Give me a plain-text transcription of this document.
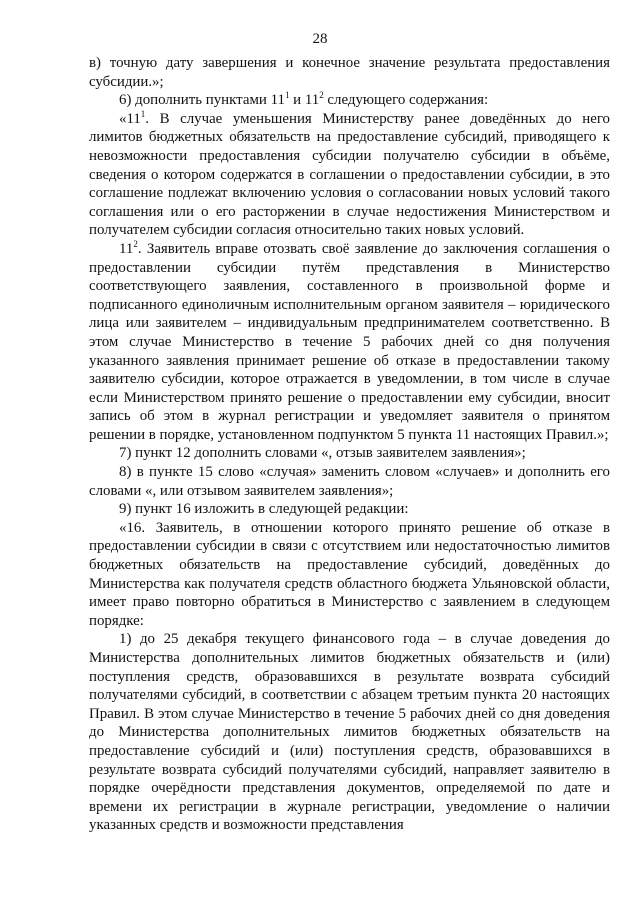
28

в) точную дату завершения и конечное значение результата предоставления субсидии.»;

6) дополнить пунктами $11^1$ и $11^2$ следующего содержания:

«$11^1$. В случае уменьшения Министерству ранее доведённых до него лимитов бюджетных обязательств на предоставление субсидий, приводящего к невозможности предоставления субсидии получателю субсидии в объёме, сведения о котором содержатся в соглашении о предоставлении субсидии, в это соглашение подлежат включению условия о согласовании новых условий такого соглашения или о его расторжении в случае недостижения Министерством и получателем субсидии согласия относительно таких новых условий.

$11^2$. Заявитель вправе отозвать своё заявление до заключения соглашения о предоставлении субсидии путём представления в Министерство соответствующего заявления, составленного в произвольной форме и подписанного единоличным исполнительным органом заявителя – юридического лица или заявителем – индивидуальным предпринимателем соответственно. В этом случае Министерство в течение 5 рабочих дней со дня получения указанного заявления принимает решение об отказе в предоставлении такому заявителю субсидии, которое отражается в уведомлении, в том числе в случае если Министерством принято решение о предоставлении ему субсидии, вносит запись об этом в журнал регистрации и уведомляет заявителя о принятом решении в порядке, установленном подпунктом 5 пункта 11 настоящих Правил.»;

7) пункт 12 дополнить словами «, отзыв заявителем заявления»;

8) в пункте 15 слово «случая» заменить словом «случаев» и дополнить его словами «, или отзывом заявителем заявления»;

9) пункт 16 изложить в следующей редакции:

«16. Заявитель, в отношении которого принято решение об отказе в предоставлении субсидии в связи с отсутствием или недостаточностью лимитов бюджетных обязательств на предоставление субсидий, доведённых до Министерства как получателя средств областного бюджета Ульяновской области, имеет право повторно обратиться в Министерство с заявлением в следующем порядке:

1) до 25 декабря текущего финансового года – в случае доведения до Министерства дополнительных лимитов бюджетных обязательств и (или) поступления средств, образовавшихся в результате возврата субсидий получателями субсидий, в соответствии с абзацем третьим пункта 20 настоящих Правил. В этом случае Министерство в течение 5 рабочих дней со дня доведения до Министерства дополнительных лимитов бюджетных обязательств на предоставление субсидий и (или) поступления средств, образовавшихся в результате возврата субсидий получателями субсидий, направляет заявителю в порядке очерёдности представления документов, определяемой по дате и времени их регистрации в журнале регистрации, уведомление о наличии указанных средств и возможности представления
